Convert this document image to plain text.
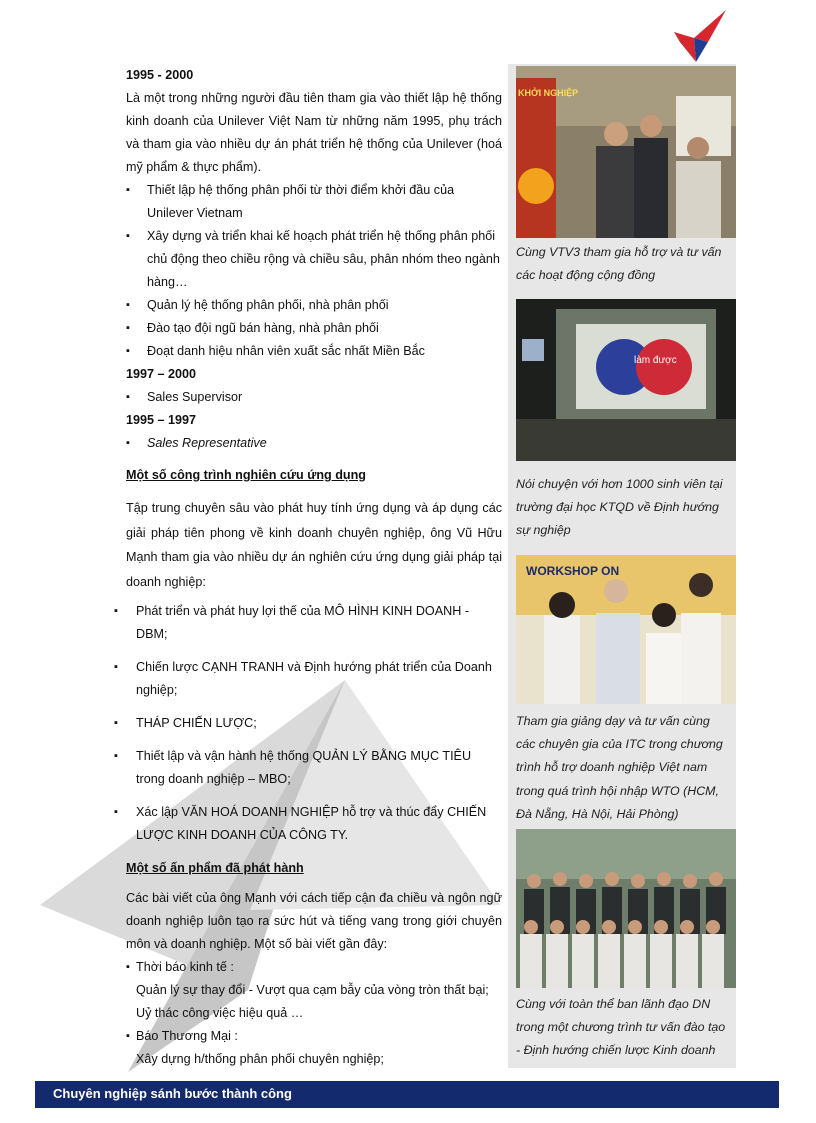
1995 - 2000

Là một trong những người đầu tiên tham gia vào thiết lập hệ thống kinh doanh của Unilever Việt Nam từ những năm 1995, phụ trách và tham gia vào nhiều dự án phát triển hệ thống của Unilever (hoá mỹ phẩm & thực phẩm).

▪ Thiết lập hệ thống phân phối từ thời điểm khởi đầu của Unilever Vietnam

▪ Xây dựng và triển khai kế hoạch phát triển hệ thống phân phối chủ động theo chiều rộng và chiều sâu, phân nhóm theo ngành hàng…

▪ Quản lý hệ thống phân phối, nhà phân phối

▪ Đào tạo đội ngũ bán hàng, nhà phân phối

▪ Đoạt danh hiệu nhân viên xuất sắc nhất Miền Bắc

1997 – 2000

▪ Sales Supervisor

1995 – 1997

▪ Sales Representative

Một số công trình nghiên cứu ứng dụng

Tập trung chuyên sâu vào phát huy tính ứng dụng và áp dụng các giải pháp tiên phong về kinh doanh chuyên nghiệp, ông Vũ Hữu Mạnh tham gia vào nhiều dự án nghiên cứu ứng dụng giải pháp tại doanh nghiệp:

▪ Phát triển và phát huy lợi thế của MÔ HÌNH KINH DOANH - DBM;

▪ Chiến lược CẠNH TRANH và Định hướng phát triển của Doanh nghiệp;

▪ THÁP CHIẾN LƯỢC;

▪ Thiết lập và vận hành hệ thống QUẢN LÝ BẰNG MỤC TIÊU trong doanh nghiệp – MBO;

▪ Xác lập VĂN HOÁ DOANH NGHIỆP hỗ trợ và thúc đẩy CHIẾN LƯỢC KINH DOANH CỦA CÔNG TY.

Một số ấn phẩm đã phát hành

Các bài viết của ông Mạnh với cách tiếp cận đa chiều và ngôn ngữ doanh nghiệp luôn tạo ra sức hút và tiếng vang trong giới chuyên môn và doanh nghiệp. Một số bài viết gần đây:

▪ Thời báo kinh tế :

Quản lý sự thay đổi - Vượt qua cạm bẫy của vòng tròn thất bại;

Uỷ thác công việc hiệu quả …

▪ Báo Thương Mại :

Xây dựng h/thống phân phối chuyên nghiệp;

KHỞI NGHIỆP
Cùng VTV3 tham gia hỗ trợ và tư vấn các hoạt động cộng đồng
làm được
Nói chuyện với hơn 1000 sinh viên tại trường đại học KTQD về Định hướng sự nghiệp
WORKSHOP ON
Tham gia giảng dạy và tư vấn cùng các chuyên gia của ITC trong chương trình hỗ trợ doanh nghiệp Việt nam trong quá trình hội nhập WTO (HCM, Đà Nẵng, Hà Nội, Hải Phòng)
Cùng với toàn thể ban lãnh đạo DN trong một chương trình tư vấn đào tạo - Định hướng chiến lược Kinh doanh
Chuyên nghiệp sánh bước thành công
